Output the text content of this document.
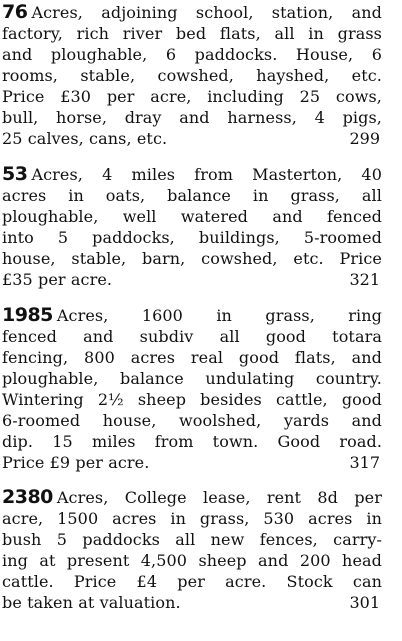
76 Acres, adjoining school, station, and
factory, rich river bed flats, all in grass
and ploughable, 6 paddocks. House, 6
rooms, stable, cowshed, hayshed, etc.
Price £30 per acre, including 25 cows,
bull, horse, dray and harness, 4 pigs,
25 calves, cans, etc.	299
53 Acres, 4 miles from Masterton, 40
acres in oats, balance in grass, all
ploughable, well watered and fenced
into 5 paddocks, buildings, 5-roomed
house, stable, barn, cowshed, etc. Price
£35 per acre.	321
1985 Acres, 1600 in grass, ring
fenced and subdiv all good totara
fencing, 800 acres real good flats, and
ploughable, balance undulating country.
Wintering 2½ sheep besides cattle, good
6-roomed house, woolshed, yards and
dip. 15 miles from town. Good road.
Price £9 per acre.	317
2380 Acres, College lease, rent 8d per
acre, 1500 acres in grass, 530 acres in
bush 5 paddocks all new fences, carry-
ing at present 4,500 sheep and 200 head
cattle. Price £4 per acre. Stock can
be taken at valuation.	301
